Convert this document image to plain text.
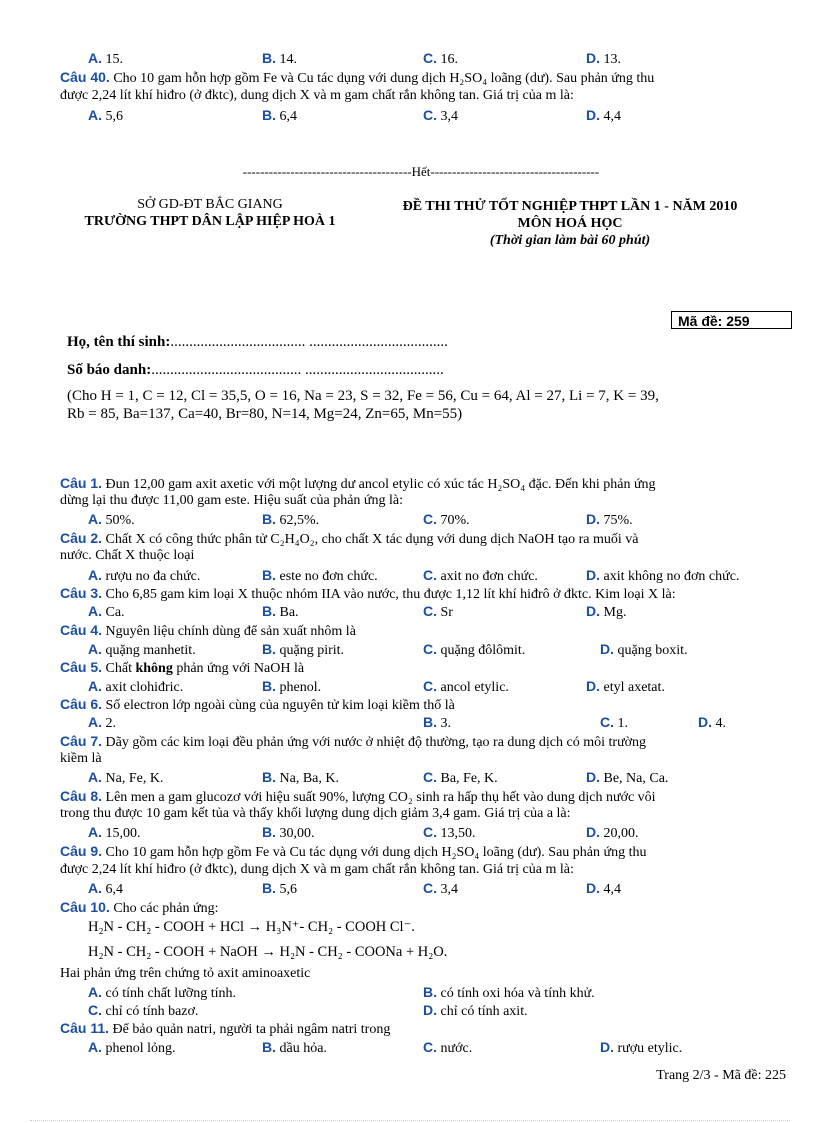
A. 15.	B. 14.	C. 16.	D. 13.
Câu 40. Cho 10 gam hỗn hợp gồm Fe và Cu tác dụng với dung dịch H₂SO₄ loãng (dư). Sau phản ứng thu
được 2,24 lít khí hiđro (ở đktc), dung dịch X và m gam chất rắn không tan. Giá trị của m là:
A. 5,6	B. 6,4	C. 3,4	D. 4,4
---------------------------------------Hết---------------------------------------
SỞ GD-ĐT BẮC GIANG
TRƯỜNG THPT DÂN LẬP HIỆP HOÀ 1
ĐỀ THI THỬ TỐT NGHIỆP THPT LẦN 1 - NĂM 2010
MÔN HOÁ HỌC
(Thời gian làm bài 60 phút)
Mã đề: 259
Họ, tên thí sinh:.................................... .....................................
Số báo danh:........................................ .....................................
(Cho H = 1, C = 12, Cl = 35,5, O = 16, Na = 23, S = 32, Fe = 56, Cu = 64, Al = 27, Li = 7, K = 39,
Rb = 85, Ba=137, Ca=40, Br=80, N=14, Mg=24, Zn=65, Mn=55)
Câu 1. Đun 12,00 gam axit axetic với một lượng dư ancol etylic có xúc tác H₂SO₄ đặc. Đến khi phản ứng
dừng lại thu được 11,00 gam este. Hiệu suất của phản ứng là:
A. 50%.	B. 62,5%.	C. 70%.	D. 75%.
Câu 2. Chất X có công thức phân tử C₂H₄O₂, cho chất X tác dụng với dung dịch NaOH tạo ra muối và
nước. Chất X thuộc loại
A. rượu no đa chức.	B. este no đơn chức.	C. axit no đơn chức.	D. axit không no đơn chức.
Câu 3. Cho 6,85 gam kim loại X thuộc nhóm IIA vào nước, thu được 1,12 lít khí hiđrô ở đktc. Kim loại X là:
A. Ca.	B. Ba.	C. Sr	D. Mg.
Câu 4. Nguyên liệu chính dùng để sản xuất nhôm là
A. quặng manhetit.	B. quặng pirit.	C. quặng đôlômit.	D. quặng boxit.
Câu 5. Chất không phản ứng với NaOH là
A. axit clohiđric.	B. phenol.	C. ancol etylic.	D. etyl axetat.
Câu 6. Số electron lớp ngoài cùng của nguyên tử kim loại kiềm thổ là
A. 2.	B. 3.	C. 1.	D. 4.
Câu 7. Dãy gồm các kim loại đều phản ứng với nước ở nhiệt độ thường, tạo ra dung dịch có môi trường
kiềm là
A. Na, Fe, K.	B. Na, Ba, K.	C. Ba, Fe, K.	D. Be, Na, Ca.
Câu 8. Lên men a gam glucozơ với hiệu suất 90%, lượng CO₂ sinh ra hấp thụ hết vào dung dịch nước vôi
trong thu được 10 gam kết tủa và thấy khối lượng dung dịch giảm 3,4 gam. Giá trị của a là:
A. 15,00.	B. 30,00.	C. 13,50.	D. 20,00.
Câu 9. Cho 10 gam hỗn hợp gồm Fe và Cu tác dụng với dung dịch H₂SO₄ loãng (dư). Sau phản ứng thu
được 2,24 lít khí hiđro (ở đktc), dung dịch X và m gam chất rắn không tan. Giá trị của m là:
A. 6,4	B. 5,6	C. 3,4	D. 4,4
Câu 10. Cho các phản ứng:
H₂N - CH₂ - COOH + HCl → H₃N⁺- CH₂ - COOH Cl⁻.
H₂N - CH₂ - COOH + NaOH → H₂N - CH₂ - COONa + H₂O.
Hai phản ứng trên chứng tỏ axit aminoaxetic
A. có tính chất lưỡng tính.	B. có tính oxi hóa và tính khử.
C. chỉ có tính bazơ.	D. chỉ có tính axit.
Câu 11. Để bảo quản natri, người ta phải ngâm natri trong
A. phenol lỏng.	B. dầu hỏa.	C. nước.	D. rượu etylic.
Trang 2/3 - Mã đề: 225
